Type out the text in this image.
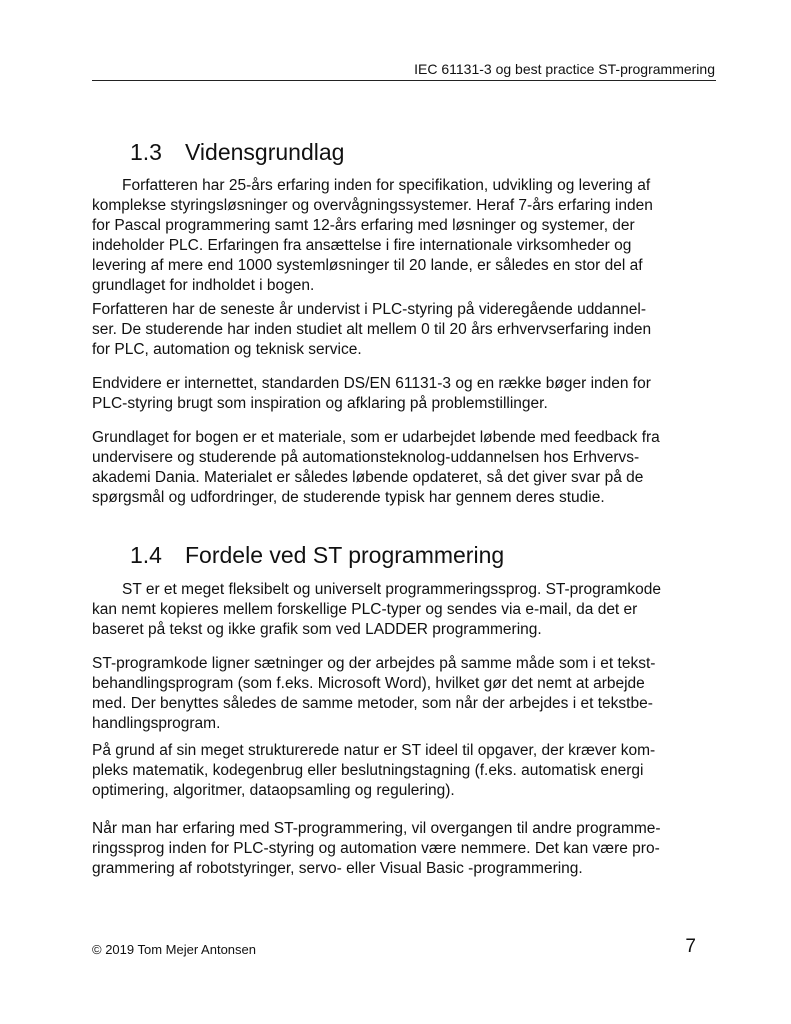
IEC 61131-3 og best practice ST-programmering
1.3 Vidensgrundlag

Forfatteren har 25-års erfaring inden for specifikation, udvikling og levering af
komplekse styringsløsninger og overvågningssystemer. Heraf 7-års erfaring inden
for Pascal programmering samt 12-års erfaring med løsninger og systemer, der
indeholder PLC. Erfaringen fra ansættelse i fire internationale virksomheder og
levering af mere end 1000 systemløsninger til 20 lande, er således en stor del af
grundlaget for indholdet i bogen.

Forfatteren har de seneste år undervist i PLC-styring på videregående uddannel-
ser. De studerende har inden studiet alt mellem 0 til 20 års erhvervserfaring inden
for PLC, automation og teknisk service.

Endvidere er internettet, standarden DS/EN 61131-3 og en række bøger inden for
PLC-styring brugt som inspiration og afklaring på problemstillinger.

Grundlaget for bogen er et materiale, som er udarbejdet løbende med feedback fra
undervisere og studerende på automationsteknolog-uddannelsen hos Erhvervs-
akademi Dania. Materialet er således løbende opdateret, så det giver svar på de
spørgsmål og udfordringer, de studerende typisk har gennem deres studie.

1.4 Fordele ved ST programmering

ST er et meget fleksibelt og universelt programmeringssprog. ST-programkode
kan nemt kopieres mellem forskellige PLC-typer og sendes via e-mail, da det er
baseret på tekst og ikke grafik som ved LADDER programmering.

ST-programkode ligner sætninger og der arbejdes på samme måde som i et tekst-
behandlingsprogram (som f.eks. Microsoft Word), hvilket gør det nemt at arbejde
med. Der benyttes således de samme metoder, som når der arbejdes i et tekstbe-
handlingsprogram.

På grund af sin meget strukturerede natur er ST ideel til opgaver, der kræver kom-
pleks matematik, kodegenbrug eller beslutningstagning (f.eks. automatisk energi
optimering, algoritmer, dataopsamling og regulering).

Når man har erfaring med ST-programmering, vil overgangen til andre programme-
ringssprog inden for PLC-styring og automation være nemmere. Det kan være pro-
grammering af robotstyringer, servo- eller Visual Basic -programmering.

© 2019 Tom Mejer Antonsen	7
